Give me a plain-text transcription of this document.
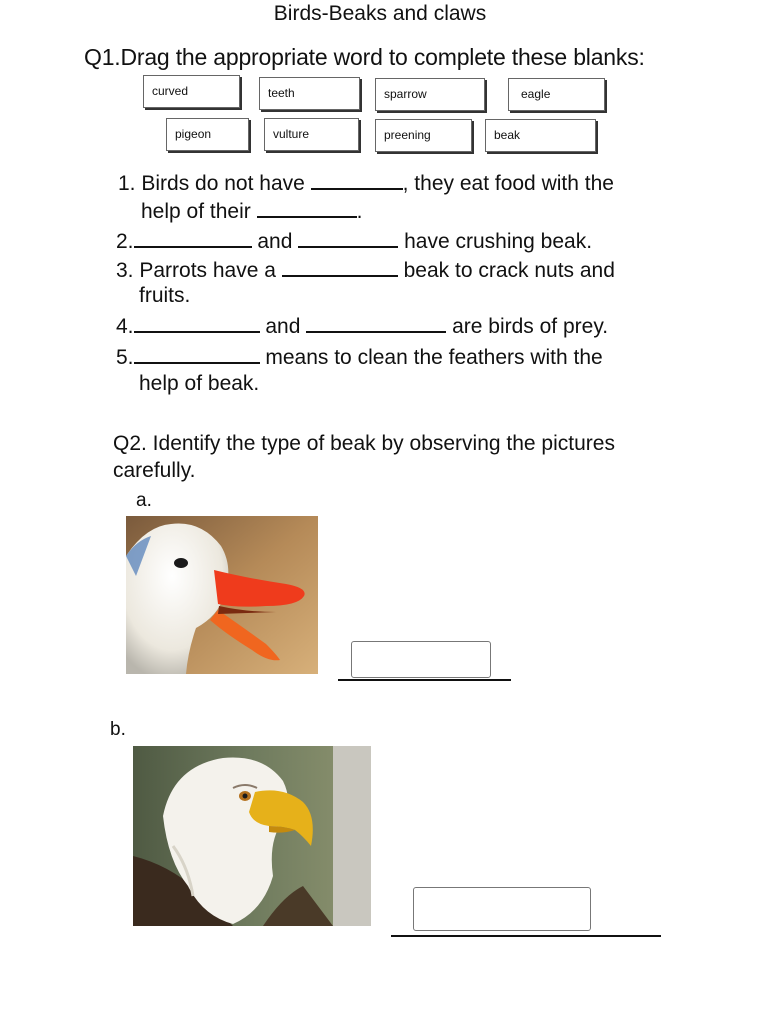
Birds-Beaks and claws
Q1.Drag the appropriate word to complete these blanks:
curved	teeth	sparrow	eagle
pigeon	vulture	preening	beak
1. Birds do not have	, they eat food with the
help of their	.
2.	and	have crushing beak.
3. Parrots have a	beak to crack nuts and
fruits.
4.	and	are birds of prey.
5.	means to clean the feathers with the
help of beak.
Q2. Identify the type of beak by observing the pictures carefully.
a.
b.
